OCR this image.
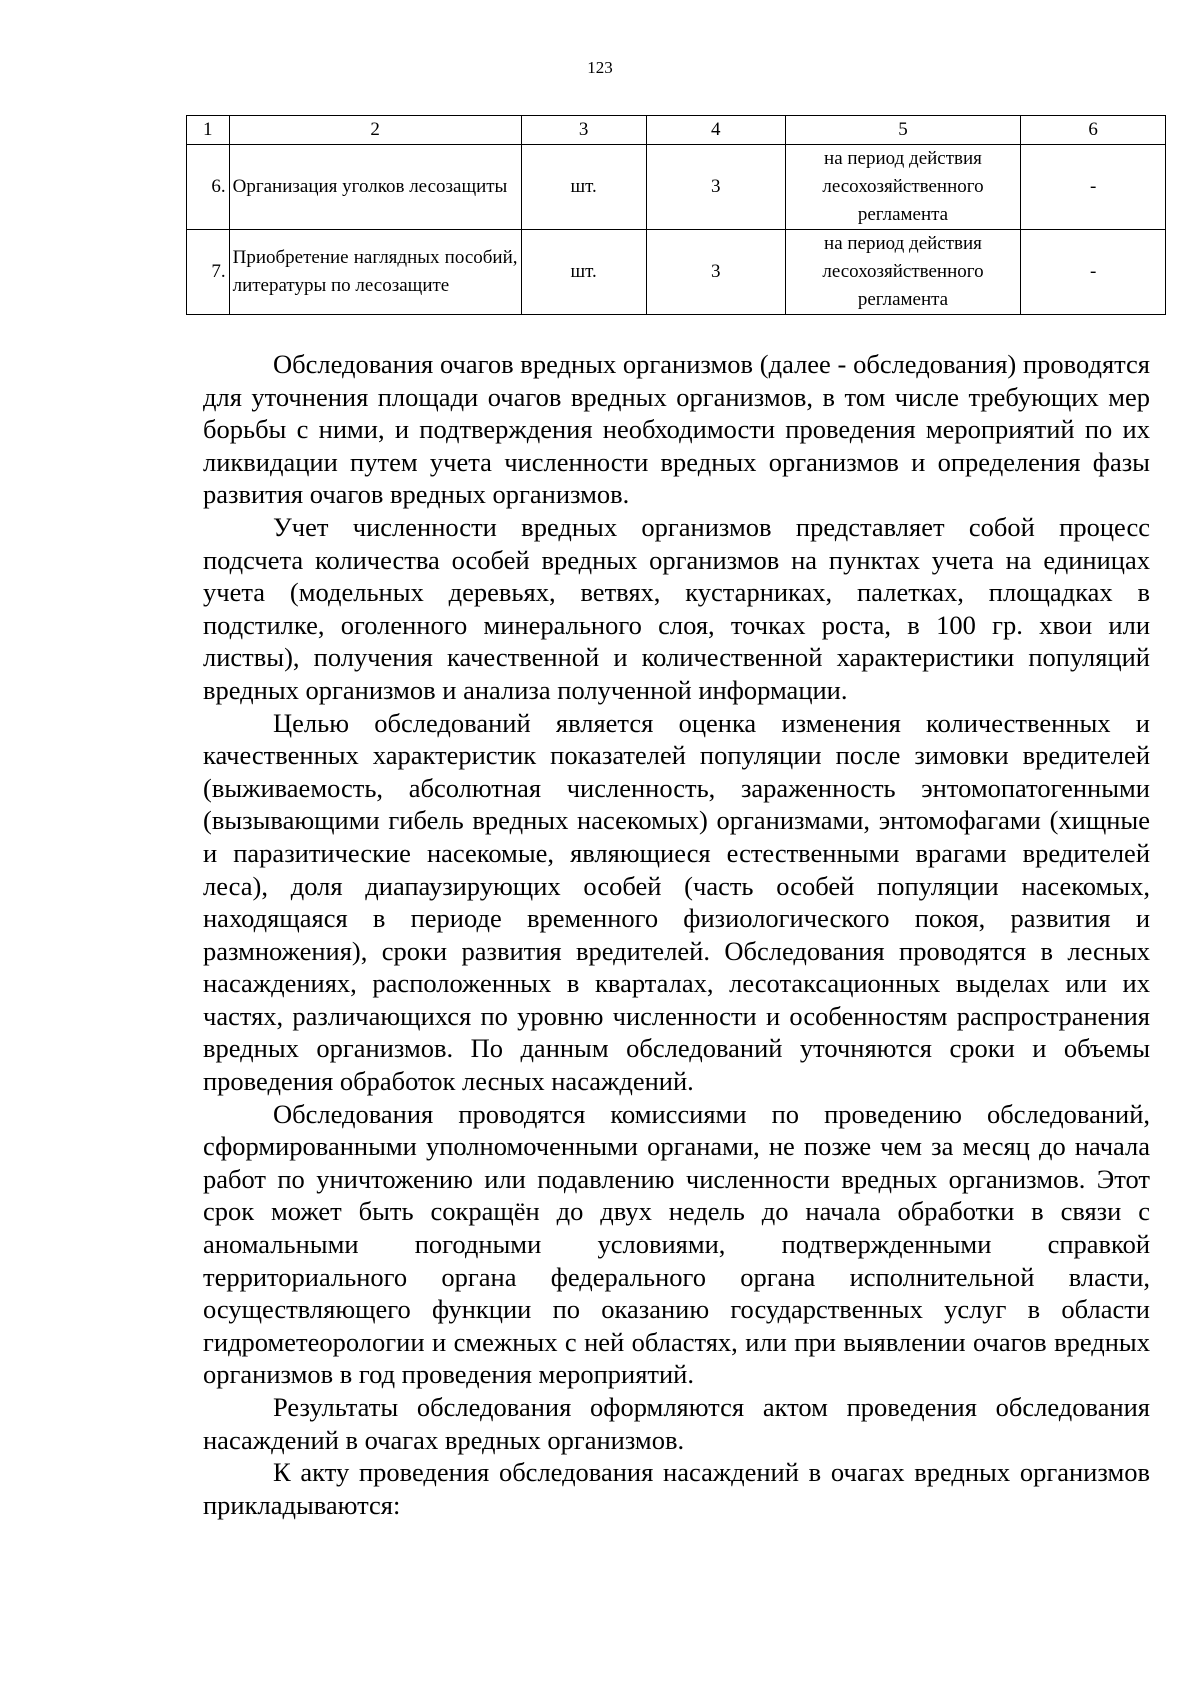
123
1	2	3	4	5	6
6.	Организация уголков лесозащиты	шт.	3	на период действия
лесохозяйственного
регламента	-
7.	Приобретение наглядных пособий, литературы по лесозащите	шт.	3	на период действия
лесохозяйственного
регламента	-

Обследования очагов вредных организмов (далее - обследования) проводятся для уточнения площади очагов вредных организмов, в том числе требующих мер борьбы с ними, и подтверждения необходимости проведения мероприятий по их ликвидации путем учета численности вредных организмов и определения фазы развития очагов вредных организмов.

Учет численности вредных организмов представляет собой процесс подсчета количества особей вредных организмов на пунктах учета на единицах учета (модельных деревьях, ветвях, кустарниках, палетках, площадках в подстилке, оголенного минерального слоя, точках роста, в 100 гр. хвои или листвы), получения качественной и количественной характеристики популяций вредных организмов и анализа полученной информации.

Целью обследований является оценка изменения количественных и качественных характеристик показателей популяции после зимовки вредителей (выживаемость, абсолютная численность, зараженность энтомопатогенными (вызывающими гибель вредных насекомых) организмами, энтомофагами (хищные и паразитические насекомые, являющиеся естественными врагами вредителей леса), доля диапаузирующих особей (часть особей популяции насекомых, находящаяся в периоде временного физиологического покоя, развития и размножения), сроки развития вредителей. Обследования проводятся в лесных насаждениях, расположенных в кварталах, лесотаксационных выделах или их частях, различающихся по уровню численности и особенностям распространения вредных организмов. По данным обследований уточняются сроки и объемы проведения обработок лесных насаждений.

Обследования проводятся комиссиями по проведению обследований, сформированными уполномоченными органами, не позже чем за месяц до начала работ по уничтожению или подавлению численности вредных организмов. Этот срок может быть сокращён до двух недель до начала обработки в связи с аномальными погодными условиями, подтвержденными справкой территориального органа федерального органа исполнительной власти, осуществляющего функции по оказанию государственных услуг в области гидрометеорологии и смежных с ней областях, или при выявлении очагов вредных организмов в год проведения мероприятий.

Результаты обследования оформляются актом проведения обследования насаждений в очагах вредных организмов.

К акту проведения обследования насаждений в очагах вредных организмов прикладываются:
